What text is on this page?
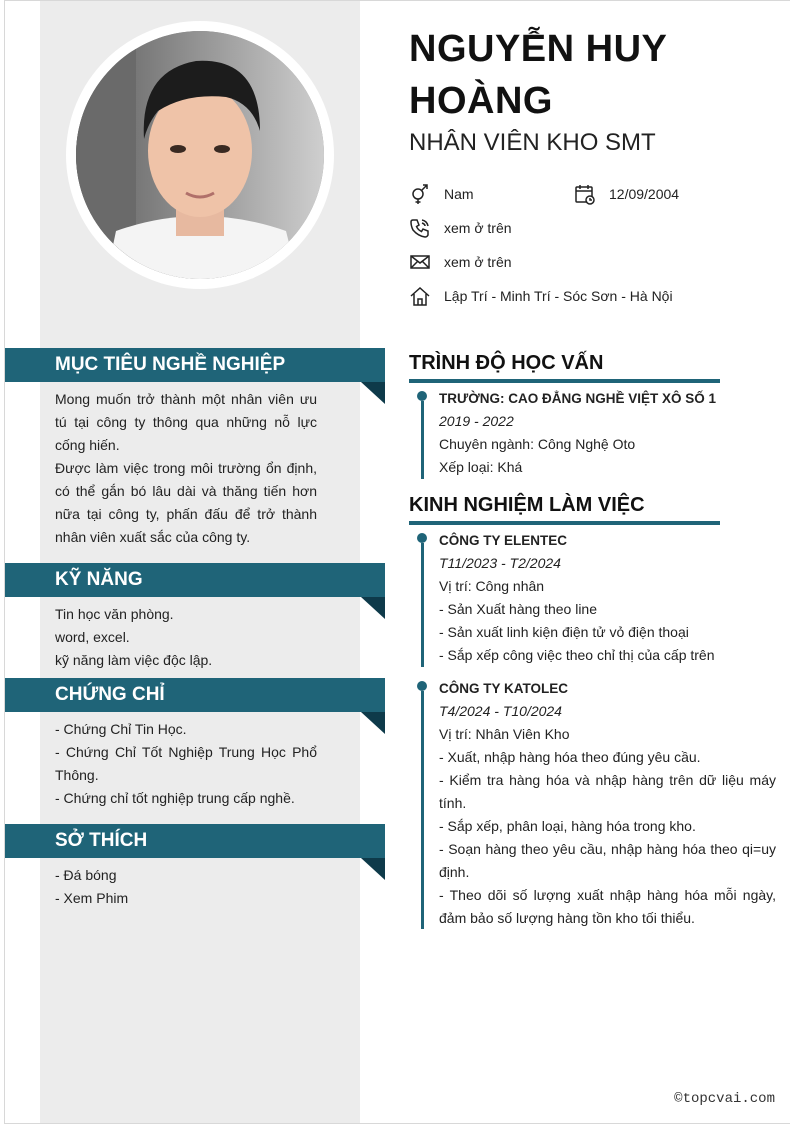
NGUYỄN HUY HOÀNG
NHÂN VIÊN KHO SMT
Nam	12/09/2004
xem ở trên
xem ở trên
Lập Trí - Minh Trí - Sóc Sơn - Hà Nội
MỤC TIÊU NGHỀ NGHIỆP

Mong muốn trở thành một nhân viên ưu tú tại công ty thông qua những nỗ lực cống hiến.

Được làm việc trong môi trường ổn định, có thể gắn bó lâu dài và thăng tiến hơn nữa tại công ty, phấn đấu để trở thành nhân viên xuất sắc của công ty.

KỸ NĂNG

Tin học văn phòng.

word, excel.

kỹ năng làm việc độc lập.

CHỨNG CHỈ

- Chứng Chỉ Tin Học.

- Chứng Chỉ Tốt Nghiệp Trung Học Phổ Thông.

- Chứng chỉ tốt nghiệp trung cấp nghề.

SỞ THÍCH

- Đá bóng

- Xem Phim

TRÌNH ĐỘ HỌC VẤN

TRƯỜNG: CAO ĐẲNG NGHỀ VIỆT XÔ SỐ 1

2019 - 2022

Chuyên ngành: Công Nghệ Oto

Xếp loại: Khá

KINH NGHIỆM LÀM VIỆC

CÔNG TY ELENTEC

T11/2023 - T2/2024

Vị trí: Công nhân

- Sản Xuất hàng theo line

- Sản xuất linh kiện điện tử vỏ điện thoại

- Sắp xếp công việc theo chỉ thị của cấp trên

CÔNG TY KATOLEC

T4/2024 - T10/2024

Vị trí: Nhân Viên Kho

- Xuất, nhập hàng hóa theo đúng yêu cầu.

- Kiểm tra hàng hóa và nhập hàng trên dữ liệu máy tính.

- Sắp xếp, phân loại, hàng hóa trong kho.

- Soạn hàng theo yêu cầu, nhập hàng hóa theo qi=uy định.

- Theo dõi số lượng xuất nhập hàng hóa mỗi ngày, đảm bảo số lượng hàng tồn kho tối thiểu.

©topcvai.com
